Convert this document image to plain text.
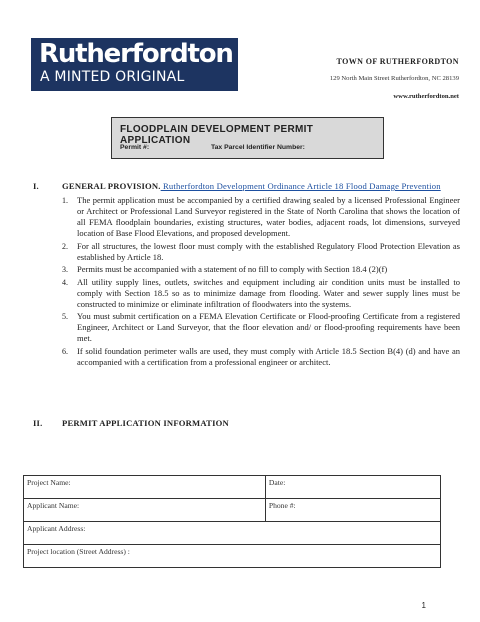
Rutherfordton
A MINTED ORIGINAL
TOWN OF RUTHERFORDTON
129 North Main Street Rutherfordton, NC 28139
www.rutherfordton.net
FLOODPLAIN DEVELOPMENT PERMIT APPLICATION
Permit #:	Tax Parcel Identifier Number:
I.	GENERAL PROVISION. Rutherfordton Development Ordinance Article 18 Flood Damage Prevention
1. The permit application must be accompanied by a certified drawing sealed by a licensed Professional Engineer or Architect or Professional Land Surveyor registered in the State of North Carolina that shows the location of all FEMA floodplain boundaries, existing structures, water bodies, adjacent roads, lot dimensions, surveyed location of Base Flood Elevations, and proposed development.
2. For all structures, the lowest floor must comply with the established Regulatory Flood Protection Elevation as established by Article 18.
3. Permits must be accompanied with a statement of no fill to comply with Section 18.4 (2)(f)
4. All utility supply lines, outlets, switches and equipment including air condition units must be installed to comply with Section 18.5 so as to minimize damage from flooding. Water and sewer supply lines must be constructed to minimize or eliminate infiltration of floodwaters into the systems.
5. You must submit certification on a FEMA Elevation Certificate or Flood-proofing Certificate from a registered Engineer, Architect or Land Surveyor, that the floor elevation and/ or flood-proofing requirements have been met.
6. If solid foundation perimeter walls are used, they must comply with Article 18.5 Section B(4) (d) and have an accompanied with a certification from a professional engineer or architect.
II. PERMIT APPLICATION INFORMATION
Project Name:	Date:
Applicant Name:	Phone #:
Applicant Address:	
Project location (Street Address) :	
1
